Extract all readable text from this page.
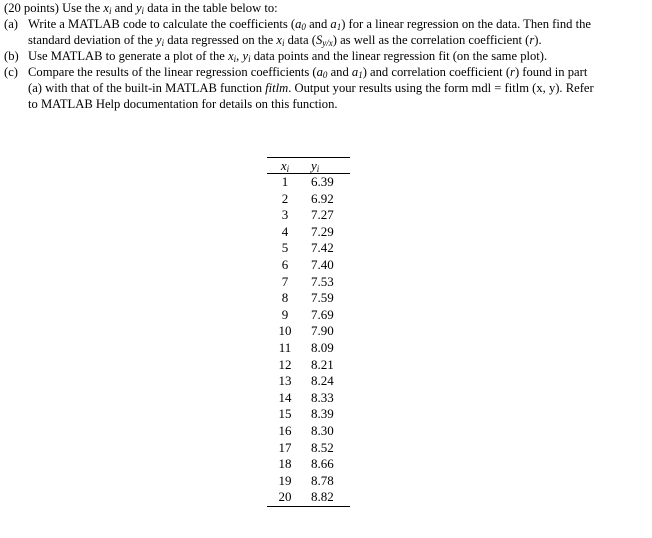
(20 points) Use the $x_i$ and $y_i$ data in the table below to:

(a) Write a MATLAB code to calculate the coefficients ($a_0$ and $a_1$) for a linear regression on the data. Then find the
standard deviation of the $y_i$ data regressed on the $x_i$ data $(S_{y/x})$ as well as the correlation coefficient (r).
(b) Use MATLAB to generate a plot of the $x_i$, $y_i$ data points and the linear regression fit (on the same plot).
(c) Compare the results of the linear regression coefficients ($a_0$ and $a_1$) and correlation coefficient (r) found in part
(a) with that of the built-in MATLAB function fitlm. Output your results using the form mdl = fitlm (x, y). Refer
to MATLAB Help documentation for details on this function.
$x_i$	$y_i$
1	6.39
2	6.92
3	7.27
4	7.29
5	7.42
6	7.40
7	7.53
8	7.59
9	7.69
10	7.90
11	8.09
12	8.21
13	8.24
14	8.33
15	8.39
16	8.30
17	8.52
18	8.66
19	8.78
20	8.82
